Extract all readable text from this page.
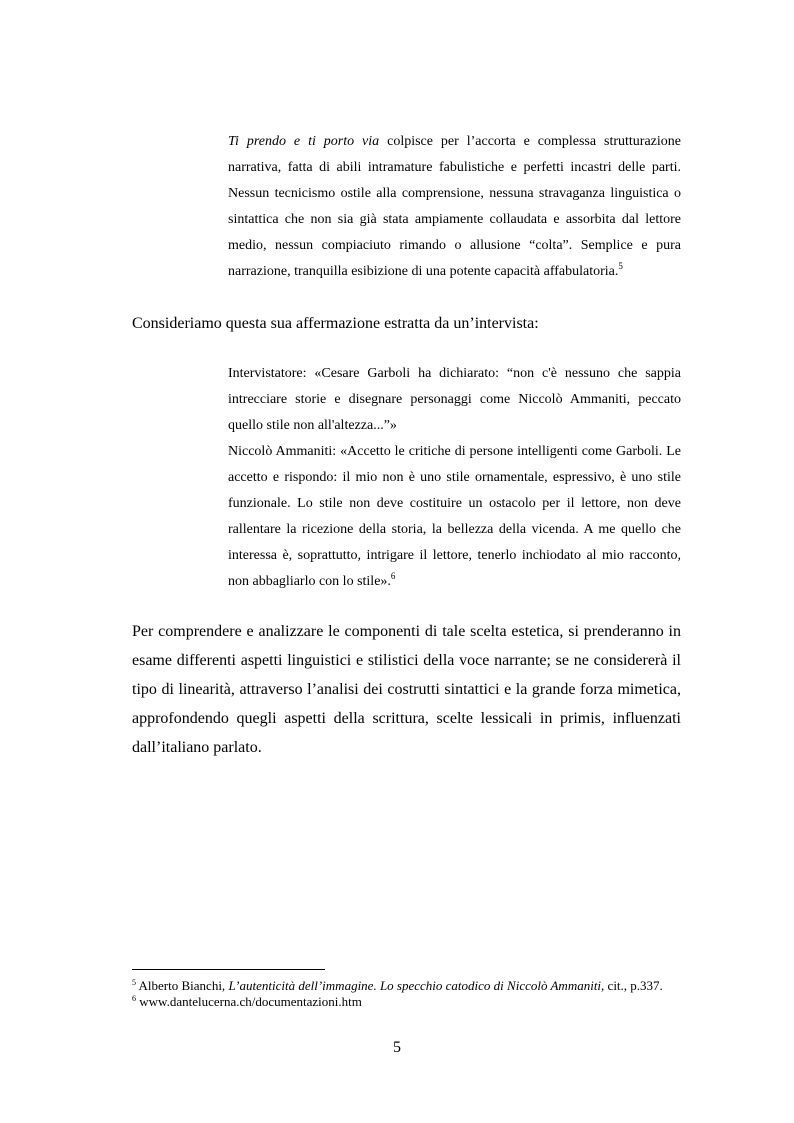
Ti prendo e ti porto via colpisce per l’accorta e complessa strutturazione narrativa, fatta di abili intramature fabulistiche e perfetti incastri delle parti. Nessun tecnicismo ostile alla comprensione, nessuna stravaganza linguistica o sintattica che non sia già stata ampiamente collaudata e assorbita dal lettore medio, nessun compiaciuto rimando o allusione “colta”. Semplice e pura narrazione, tranquilla esibizione di una potente capacità affabulatoria.$^5$

Consideriamo questa sua affermazione estratta da un’intervista:

Intervistatore: «Cesare Garboli ha dichiarato: “non c'è nessuno che sappia intrecciare storie e disegnare personaggi come Niccolò Ammaniti, peccato quello stile non all'altezza...”»

Niccolò Ammaniti: «Accetto le critiche di persone intelligenti come Garboli. Le accetto e rispondo: il mio non è uno stile ornamentale, espressivo, è uno stile funzionale. Lo stile non deve costituire un ostacolo per il lettore, non deve rallentare la ricezione della storia, la bellezza della vicenda. A me quello che interessa è, soprattutto, intrigare il lettore, tenerlo inchiodato al mio racconto, non abbagliarlo con lo stile».$^6$

Per comprendere e analizzare le componenti di tale scelta estetica, si prenderanno in esame differenti aspetti linguistici e stilistici della voce narrante; se ne considererà il tipo di linearità, attraverso l’analisi dei costrutti sintattici e la grande forza mimetica, approfondendo quegli aspetti della scrittura, scelte lessicali in primis, influenzati dall’italiano parlato.

$^5$ Alberto Bianchi, L’autenticità dell’immagine. Lo specchio catodico di Niccolò Ammaniti, cit., p.337.

$^6$ www.dantelucerna.ch/documentazioni.htm

5
